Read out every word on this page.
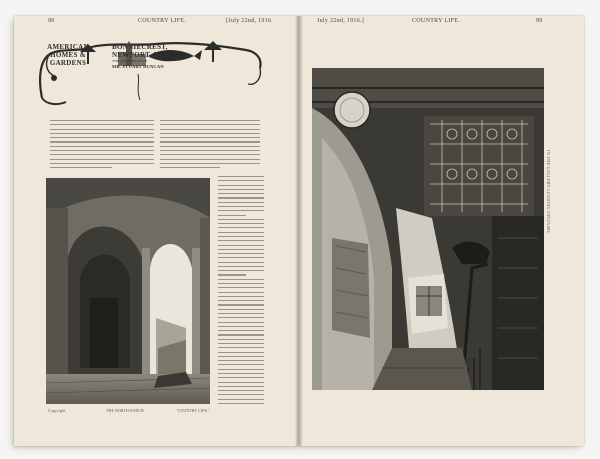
90	COUNTRY LIFE.	[July 22nd, 1916.	July 22nd, 1916.]	COUNTRY LIFE.	99
AMERICAN HOMES & GARDENS
BONNIECREST,
NEWPORT, U.S.A.,
THE RESIDENCE OF
MR. STUART DUNCAN
Copyright.	THE NORTH PORCH.	"COUNTRY LIFE."
IN THE GALLERY LEADING UPSTAIRS.
